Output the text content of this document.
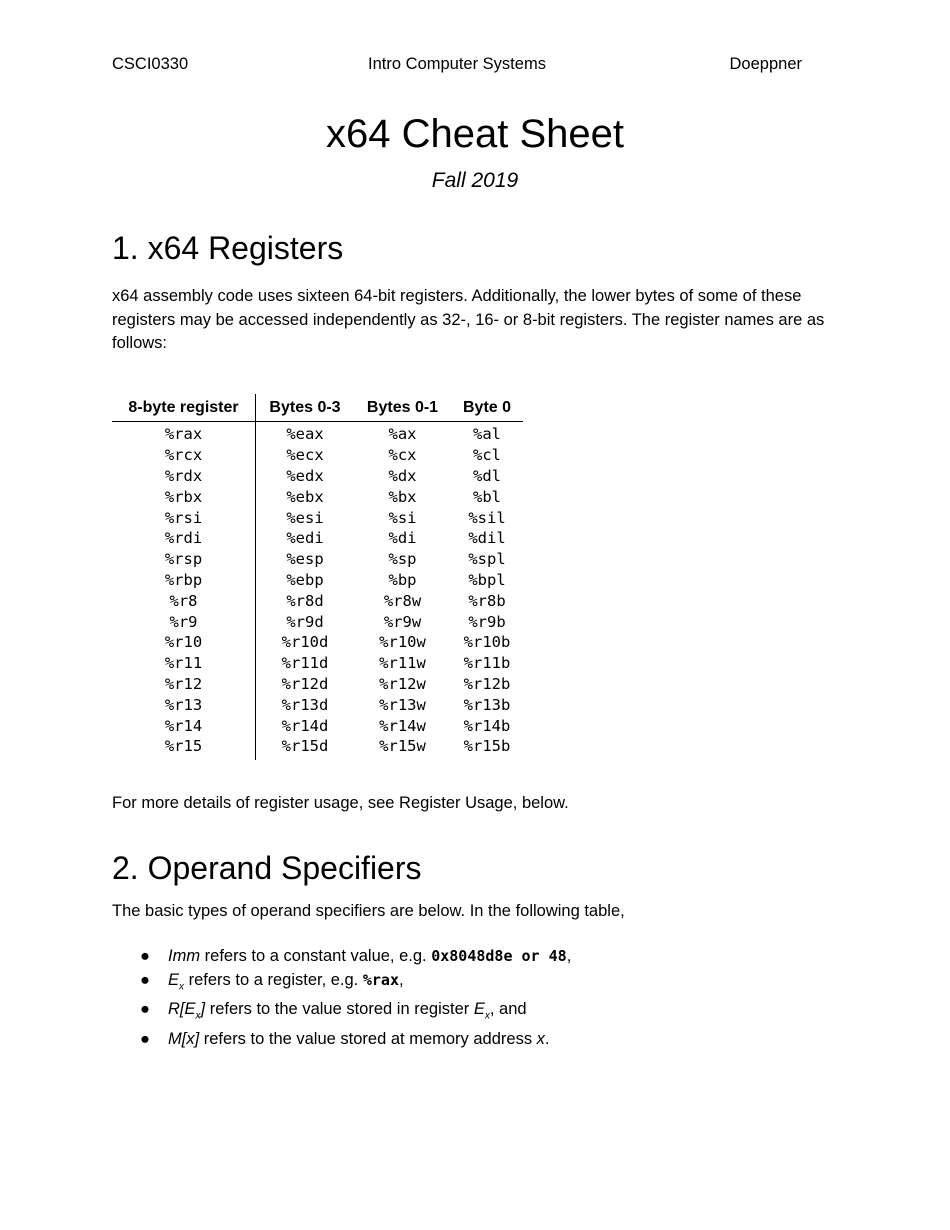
CSCI0330	Intro Computer Systems	Doeppner
x64 Cheat Sheet
Fall 2019
1. x64 Registers
x64 assembly code uses sixteen 64-bit registers. Additionally, the lower bytes of some of these registers may be accessed independently as 32-, 16- or 8-bit registers. The register names are as follows:
8-byte register	Bytes 0-3	Bytes 0-1	Byte 0
%rax	%eax	%ax	%al
%rcx	%ecx	%cx	%cl
%rdx	%edx	%dx	%dl
%rbx	%ebx	%bx	%bl
%rsi	%esi	%si	%sil
%rdi	%edi	%di	%dil
%rsp	%esp	%sp	%spl
%rbp	%ebp	%bp	%bpl
%r8	%r8d	%r8w	%r8b
%r9	%r9d	%r9w	%r9b
%r10	%r10d	%r10w	%r10b
%r11	%r11d	%r11w	%r11b
%r12	%r12d	%r12w	%r12b
%r13	%r13d	%r13w	%r13b
%r14	%r14d	%r14w	%r14b
%r15	%r15d	%r15w	%r15b
For more details of register usage, see Register Usage, below.
2. Operand Specifiers
The basic types of operand specifiers are below. In the following table,
● Imm refers to a constant value, e.g. 0x8048d8e or 48,
● $E_x$ refers to a register, e.g. %rax,
● $R[E_x]$ refers to the value stored in register $E_x$, and
● M[x] refers to the value stored at memory address x.
